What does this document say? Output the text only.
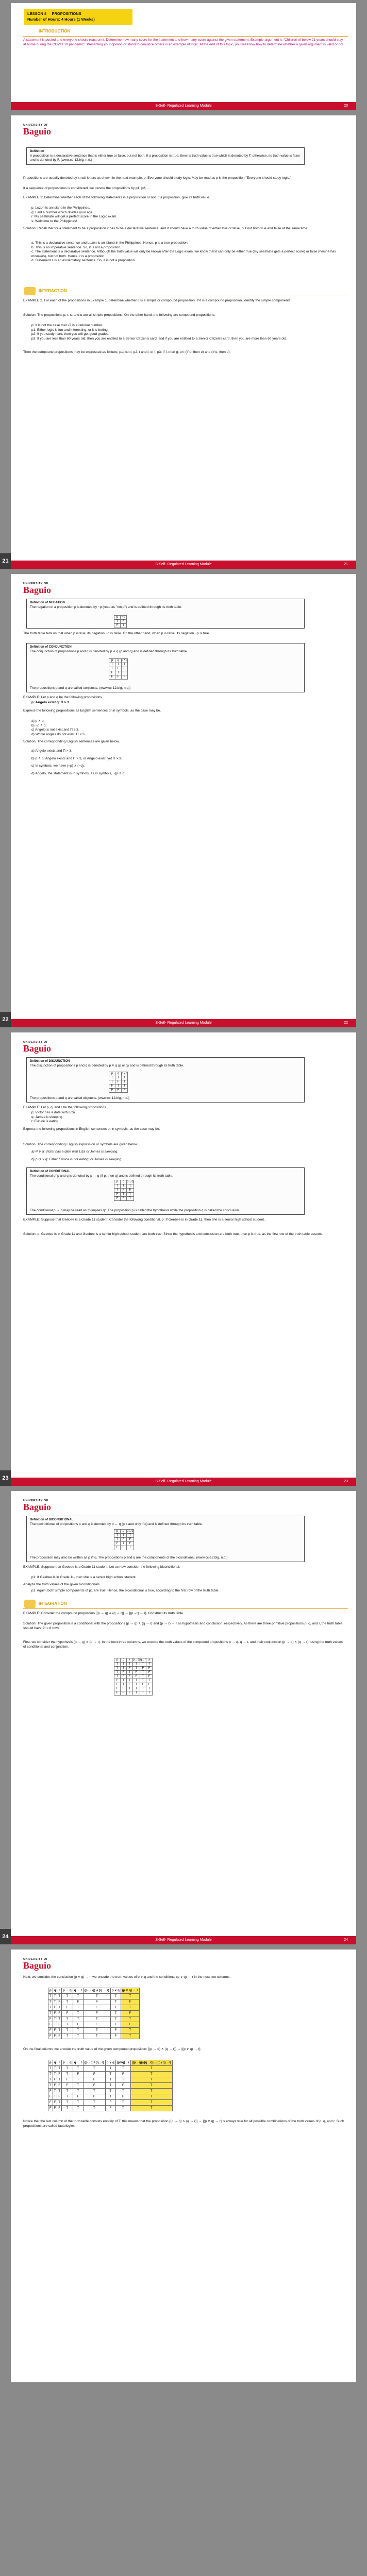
LESSON 4 PROPOSITIONS
Number of Hours: 4 Hours (1 Weeks)
INTRODUCTION
A statement is posted and everyone should react on it. Determine how many score for the statement and how many score against the given statement. Example argument is "Children of below 21 years should stay at home during the COVID 19 pandemic". Presenting your opinion or stand to convince others is an example of logic. At the end of this topic, you will know how to determine whether a given argument is valid or not.
S-Self- Regulated Learning Module	20
UNIVERSITY OF
Baguio
Definition
A proposition is a declarative sentence that is either true or false, but not both. If a proposition is true, then its truth value is true which is denoted by T; otherwise, its truth value is false and is denoted by F. (www.cc-12.blg, n.d.)
Propositions are usually denoted by small letters as shown in the next example. p: Everyone should study logic. May be read as p is the proposition "Everyone should study logic."
If a sequence of propositions is considered, we denote the propositions by p1, p2, ...
EXAMPLE 1: Determine whether each of the following statements is a proposition or not. If a proposition, give its truth value.
p: Luzon is an island in the Philippines.
q: Find a number which divides your age.
r: My seatmate will get a perfect score in the Logic exam.
s: Welcome to the Philippines!
Solution: Recall that for a statement to be a proposition it has to be a declarative sentence, and it should have a truth value of either true or false, but not both true and false at the same time.
a. This is a declarative sentence and Luzon is an island in the Philippines. Hence, p is a true proposition.
b. This is an imperative sentence. So, it is not a proposition.
c. The statement is a declarative sentence. Although the truth value will only be known after the Logic exam, we know that it can only be either true (my seatmate gets a perfect score) or false (he/she has mistakes), but not both. Hence, r is a proposition.
d. Statement s is an exclamatory sentence. So, it is not a proposition.
INTERACTION
EXAMPLE 2. For each of the propositions in Example 1, determine whether it is a simple or compound proposition. If it is a compound proposition, identify the simple components.
Solution: The propositions p, r, s, and u are all simple propositions. On the other hand, the following are compound propositions:
p: It is not the case that √2 is a rational number.
p1: Either logic is fun and interesting, or it is boring.
p2: If you study hard, then you will get good grades.
p3: If you are less than 60 years old, then you are entitled to a Senior Citizen's card, and if you are entitled to a Senior Citizen's card, then you are more than 60 years old.
Then the compound propositions may be expressed as follows: p1: not r, p2: t and f, or f; p3: If f, then g; p4: (If d, then e) and (If e, then d).
S-Self- Regulated Learning Module	21
21
UNIVERSITY OF
Baguio
Definition of NEGATION
The negation of a proposition p is denoted by ~p (read as "not p") and is defined through its truth table.
p	~p
T	F
F	T
The truth table tells us that when p is true, its negation ~p is false. On the other hand, when p is false, its negation ~p is true.
Definition of CONJUNCTION
The conjunction of propositions p and q is denoted by p ∧ q (p and q) and is defined through its truth table.
The propositions p and q are called conjuncts. (www.cc-12.blg, n.d.)
p	q	p∧q
T	T	T
T	F	F
F	T	F
F	F	F
EXAMPLE: Let p and q be the following propositions.
p: Angelo exist q: Π > 3
Express the following propositions as English sentences or in symbols, as the case may be.
a) p ∧ q
b) ~p ∧ q
c) Angelo is not exist and Π ≥ 3.
d) Whole angles do not exist, Π < 3.
Solution. The corresponding English sentences are given below.
a) Angelo exists and Π > 3.
b) p ∧ q: Angelo exists and Π > 3, or Angelo exist, yet Π > 3.
c) In symbols, we have (~p) ∧ (~q).
d) Angelo, the statement is in symbols, as in symbols, ~(p ∧ q).
S-Self- Regulated Learning Module	22
22
UNIVERSITY OF
Baguio
Definition of DISJUNCTION
The disjunction of propositions p and q is denoted by p ∨ q (p or q) and is defined through its truth table.
The propositions p and q are called disjuncts. (www.cc-12.blg, n.d.)
p	q	p∨q
T	T	T
T	F	T
F	T	T
F	F	F
EXAMPLE: Let p, q, and r be the following propositions.
p: Victor has a date with Liza
q: James is sleeping
r: Eunice is eating
Express the following propositions in English sentences or in symbols, as the case may be.
Solution. The corresponding English expression or symbols are given below.
a) P ∨ q: Victor has a date with Liza or James is sleeping.
b) (~r) ∨ q: Either Eunice is not eating, or James is sleeping.
Definition of CONDITIONAL
The conditional of p and q is denoted by p → q (if p, then q) and is defined through its truth table.
The conditional p → q may be read as "p implies q". The proposition p is called the hypothesis while the proposition q is called the conclusion.
p	q	p→q
T	T	T
T	F	F
F	T	T
F	F	T
EXAMPLE: Suppose that Geebee is a Grade 11 student. Consider the following conditional. p: If Geebee is in Grade 11, then she is a senior high school student.
Solution: p: Geebee is in Grade 11 and Geebee is a senior high school student are both true. Since the hypothesis and conclusion are both true, then p is true, as the first row of the truth table asserts.
S-Self- Regulated Learning Module	23
23
UNIVERSITY OF
Baguio
Definition of BICONDITIONAL
The biconditional of propositions p and q is denoted by p ↔ q (p if and only if q) and is defined through its truth table.
The proposition may also be written as p iff q. The propositions p and q are the components of the biconditional. (www.cc-12.blg, n.d.)
p	q	p↔q
T	T	T
T	F	F
F	T	F
F	F	T
EXAMPLE: Suppose that Geebee is a Grade 11 student. Let us now consider the following biconditional.
p1: If Geebee is in Grade 11, then she is a senior high school student.
Analyze the truth values of the given biconditionals.
p1: Again, both simple components of p1 are true. Hence, the biconditional is true, according to the first row of the truth table.
INTEGRATION
EXAMPLE: Consider the compound proposition [(p → q) ∧ (q → r)] → [(p→r) → r]. Construct its truth table.
Solution: The given proposition is a conditional with the propositions (p → q) ∧ (q → r) and (p → r) → r as hypothesis and conclusion, respectively. As there are three primitive propositions p, q, and r, the truth table should have 2³ = 8 rows.
First, we consider the hypothesis (p → q) ∧ (q → r). In the next three columns, we encode the truth values of the compound propositions p → q, q → r, and their conjunction (p → q) ∧ (q → r), using the truth values of conditional and conjunction.
p	q	r	p→q	q→r	∧
T	T	T	T	T	T
T	T	F	T	F	F
T	F	T	F	T	F
T	F	F	F	T	F
F	T	T	T	T	T
F	T	F	T	F	F
F	F	T	T	T	T
F	F	F	T	T	T
S-Self- Regulated Learning Module	24
24
UNIVERSITY OF
Baguio
Next, we consider the conclusion (p ∨ q) → r, we encode the truth values of p ∨ q and the conditional (p ∨ q) → r in the next two columns.
p	q	r	p → q	q → r	(p → q) ∧ (q → r)	p ∨ q	(p ∨ q) → r
T	T	T	T	T	T	T	T
T	T	F	T	F	F	T	F
T	F	T	F	T	F	T	T
T	F	F	F	T	F	T	F
F	T	T	T	T	T	T	T
F	T	F	T	F	F	T	F
F	F	T	T	T	T	F	T
F	F	F	T	T	T	F	T
On the final column, we encode the truth value of the given compound proposition: [(p → q) ∧ (q → r)] → [(p ∨ q) → r].
p	q	r	p → q	q → r	(p→q)∧(q→r)	p ∨ q	(p∨q)→r	[(p→q)∧(q→r)]→[(p∨q)→r]
T	T	T	T	T	T	T	T	T
T	T	F	T	F	F	T	F	T
T	F	T	F	T	F	T	T	T
T	F	F	F	T	F	T	F	T
F	T	T	T	T	T	T	T	T
F	T	F	T	F	F	T	F	T
F	F	T	T	T	T	F	T	T
F	F	F	T	T	T	F	T	T
Notice that the last column of the truth table consists entirely of T; this means that the proposition [(p → q) ∧ (q → r)] → [(p ∨ q) → r] is always true for all possible combinations of the truth values of p, q, and r. Such propositions are called tautologies.
